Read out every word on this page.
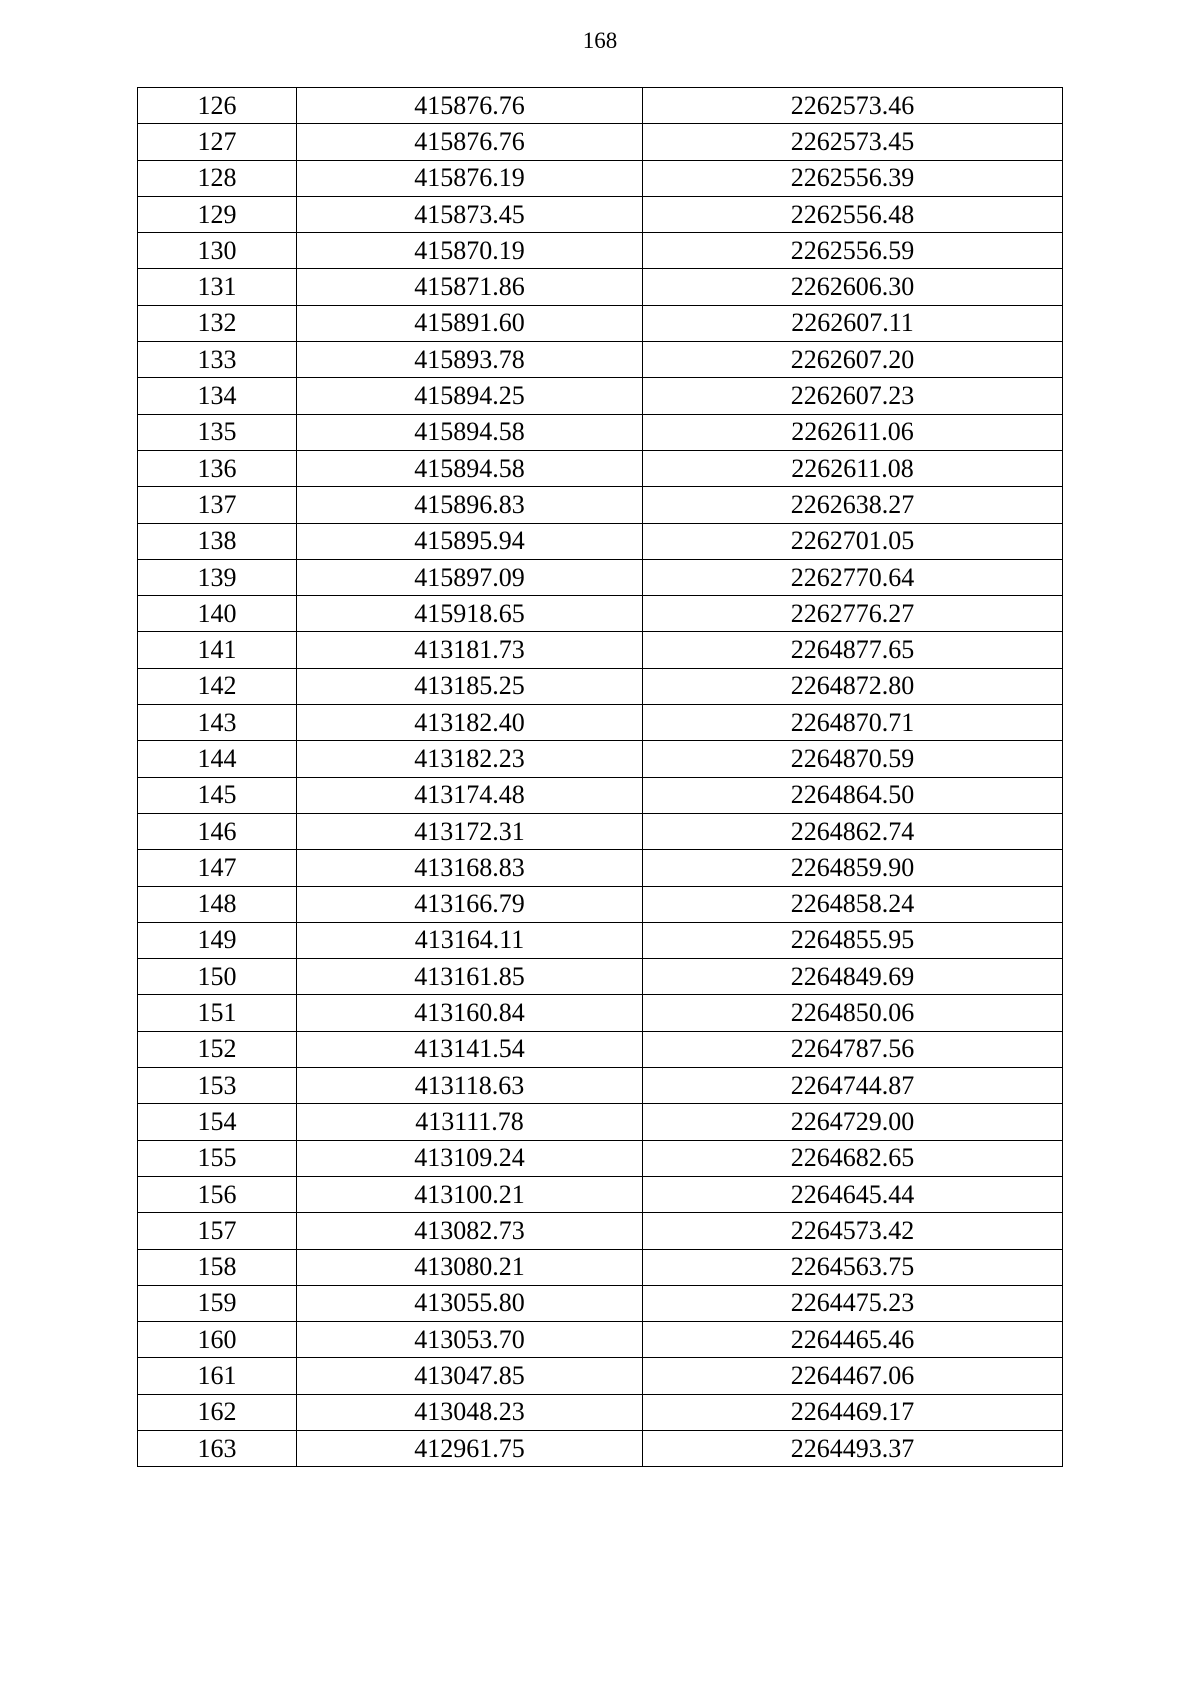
168
126	415876.76	2262573.46
127	415876.76	2262573.45
128	415876.19	2262556.39
129	415873.45	2262556.48
130	415870.19	2262556.59
131	415871.86	2262606.30
132	415891.60	2262607.11
133	415893.78	2262607.20
134	415894.25	2262607.23
135	415894.58	2262611.06
136	415894.58	2262611.08
137	415896.83	2262638.27
138	415895.94	2262701.05
139	415897.09	2262770.64
140	415918.65	2262776.27
141	413181.73	2264877.65
142	413185.25	2264872.80
143	413182.40	2264870.71
144	413182.23	2264870.59
145	413174.48	2264864.50
146	413172.31	2264862.74
147	413168.83	2264859.90
148	413166.79	2264858.24
149	413164.11	2264855.95
150	413161.85	2264849.69
151	413160.84	2264850.06
152	413141.54	2264787.56
153	413118.63	2264744.87
154	413111.78	2264729.00
155	413109.24	2264682.65
156	413100.21	2264645.44
157	413082.73	2264573.42
158	413080.21	2264563.75
159	413055.80	2264475.23
160	413053.70	2264465.46
161	413047.85	2264467.06
162	413048.23	2264469.17
163	412961.75	2264493.37
